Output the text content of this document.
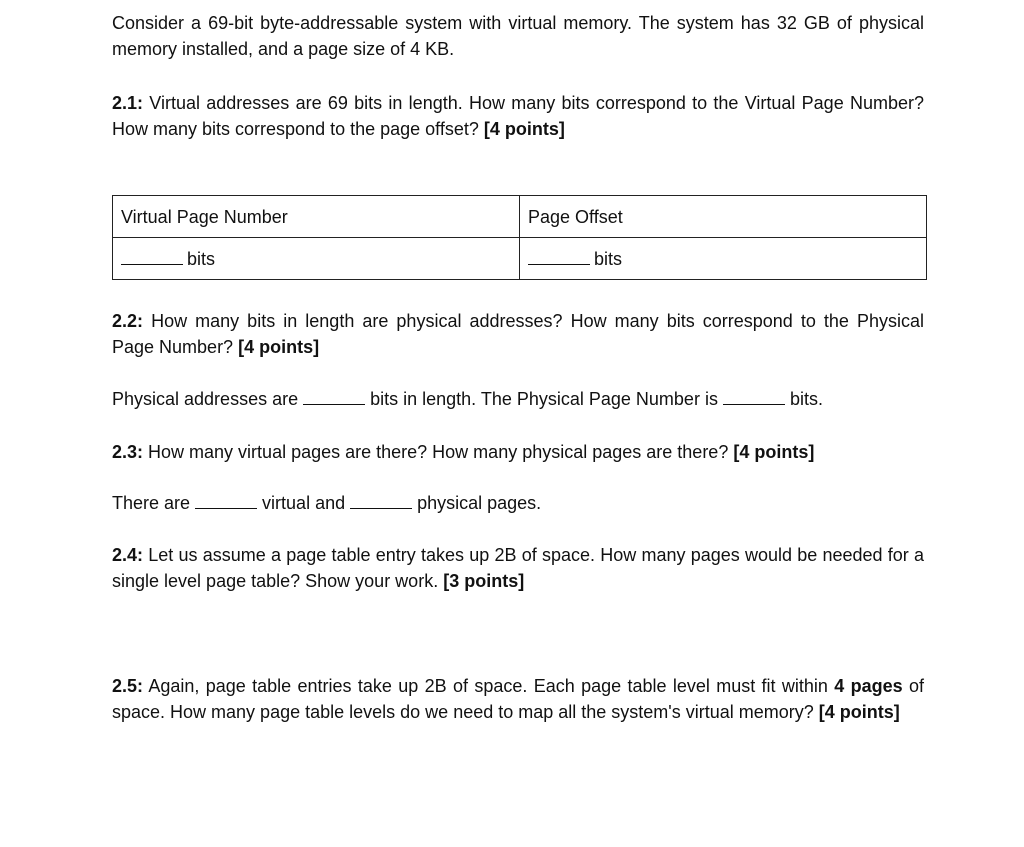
Consider a 69-bit byte-addressable system with virtual memory. The system has 32 GB of physical memory installed, and a page size of 4 KB.

2.1: Virtual addresses are 69 bits in length. How many bits correspond to the Virtual Page Number? How many bits correspond to the page offset? [4 points]

Virtual Page Number	Page Offset
bits	bits

2.2: How many bits in length are physical addresses? How many bits correspond to the Physical Page Number? [4 points]

Physical addresses are	bits in length. The Physical Page Number is	bits.

2.3: How many virtual pages are there? How many physical pages are there? [4 points]

There are	virtual and	physical pages.

2.4: Let us assume a page table entry takes up 2B of space. How many pages would be needed for a single level page table? Show your work. [3 points]

2.5: Again, page table entries take up 2B of space. Each page table level must fit within 4 pages of space. How many page table levels do we need to map all the system's virtual memory? [4 points]
